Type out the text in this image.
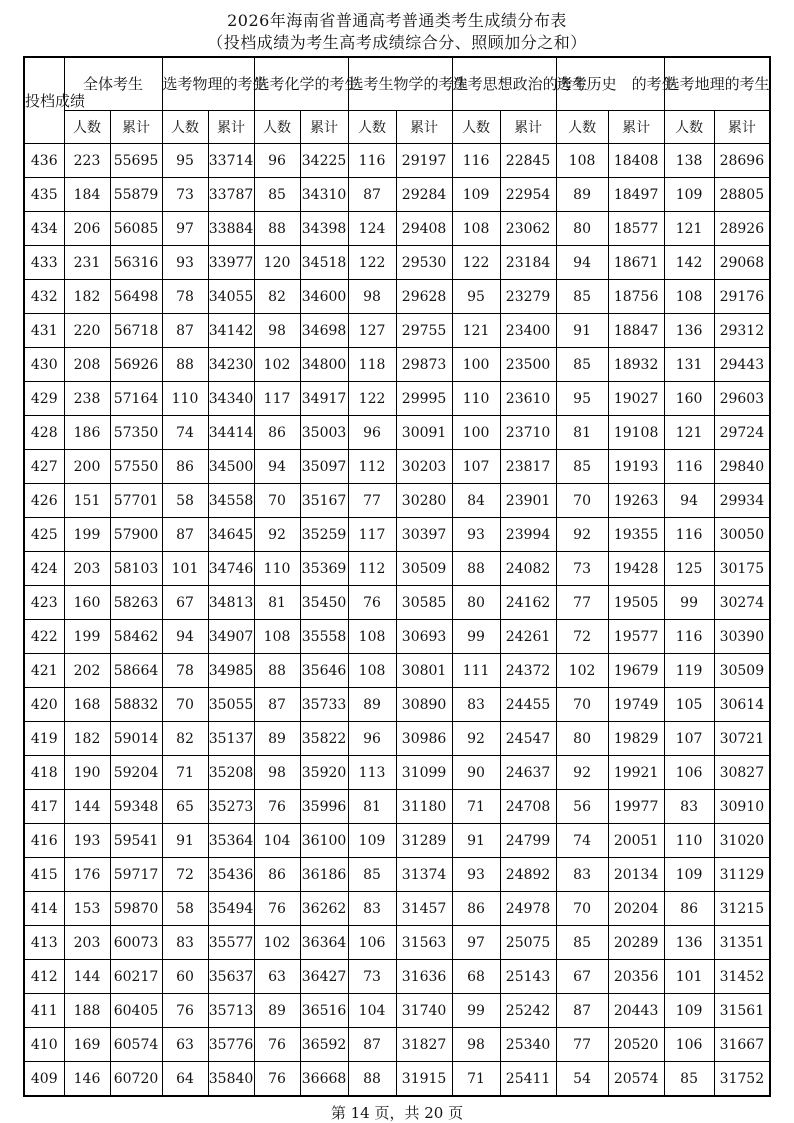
2026年海南省普通高考普通类考生成绩分布表
（投档成绩为考生高考成绩综合分、照顾加分之和）
投档成绩	全体考生		选考物理的考生		选考化学的考生		选考生物学的考生		选考思想政治的考生		选考历史　的考生		选考地理的考生	
	人数	累计	人数	累计	人数	累计	人数	累计	人数	累计	人数	累计	人数	累计
436	223	55695	95	33714	96	34225	116	29197	116	22845	108	18408	138	28696
435	184	55879	73	33787	85	34310	87	29284	109	22954	89	18497	109	28805
434	206	56085	97	33884	88	34398	124	29408	108	23062	80	18577	121	28926
433	231	56316	93	33977	120	34518	122	29530	122	23184	94	18671	142	29068
432	182	56498	78	34055	82	34600	98	29628	95	23279	85	18756	108	29176
431	220	56718	87	34142	98	34698	127	29755	121	23400	91	18847	136	29312
430	208	56926	88	34230	102	34800	118	29873	100	23500	85	18932	131	29443
429	238	57164	110	34340	117	34917	122	29995	110	23610	95	19027	160	29603
428	186	57350	74	34414	86	35003	96	30091	100	23710	81	19108	121	29724
427	200	57550	86	34500	94	35097	112	30203	107	23817	85	19193	116	29840
426	151	57701	58	34558	70	35167	77	30280	84	23901	70	19263	94	29934
425	199	57900	87	34645	92	35259	117	30397	93	23994	92	19355	116	30050
424	203	58103	101	34746	110	35369	112	30509	88	24082	73	19428	125	30175
423	160	58263	67	34813	81	35450	76	30585	80	24162	77	19505	99	30274
422	199	58462	94	34907	108	35558	108	30693	99	24261	72	19577	116	30390
421	202	58664	78	34985	88	35646	108	30801	111	24372	102	19679	119	30509
420	168	58832	70	35055	87	35733	89	30890	83	24455	70	19749	105	30614
419	182	59014	82	35137	89	35822	96	30986	92	24547	80	19829	107	30721
418	190	59204	71	35208	98	35920	113	31099	90	24637	92	19921	106	30827
417	144	59348	65	35273	76	35996	81	31180	71	24708	56	19977	83	30910
416	193	59541	91	35364	104	36100	109	31289	91	24799	74	20051	110	31020
415	176	59717	72	35436	86	36186	85	31374	93	24892	83	20134	109	31129
414	153	59870	58	35494	76	36262	83	31457	86	24978	70	20204	86	31215
413	203	60073	83	35577	102	36364	106	31563	97	25075	85	20289	136	31351
412	144	60217	60	35637	63	36427	73	31636	68	25143	67	20356	101	31452
411	188	60405	76	35713	89	36516	104	31740	99	25242	87	20443	109	31561
410	169	60574	63	35776	76	36592	87	31827	98	25340	77	20520	106	31667
409	146	60720	64	35840	76	36668	88	31915	71	25411	54	20574	85	31752
第 14 页，共 20 页
